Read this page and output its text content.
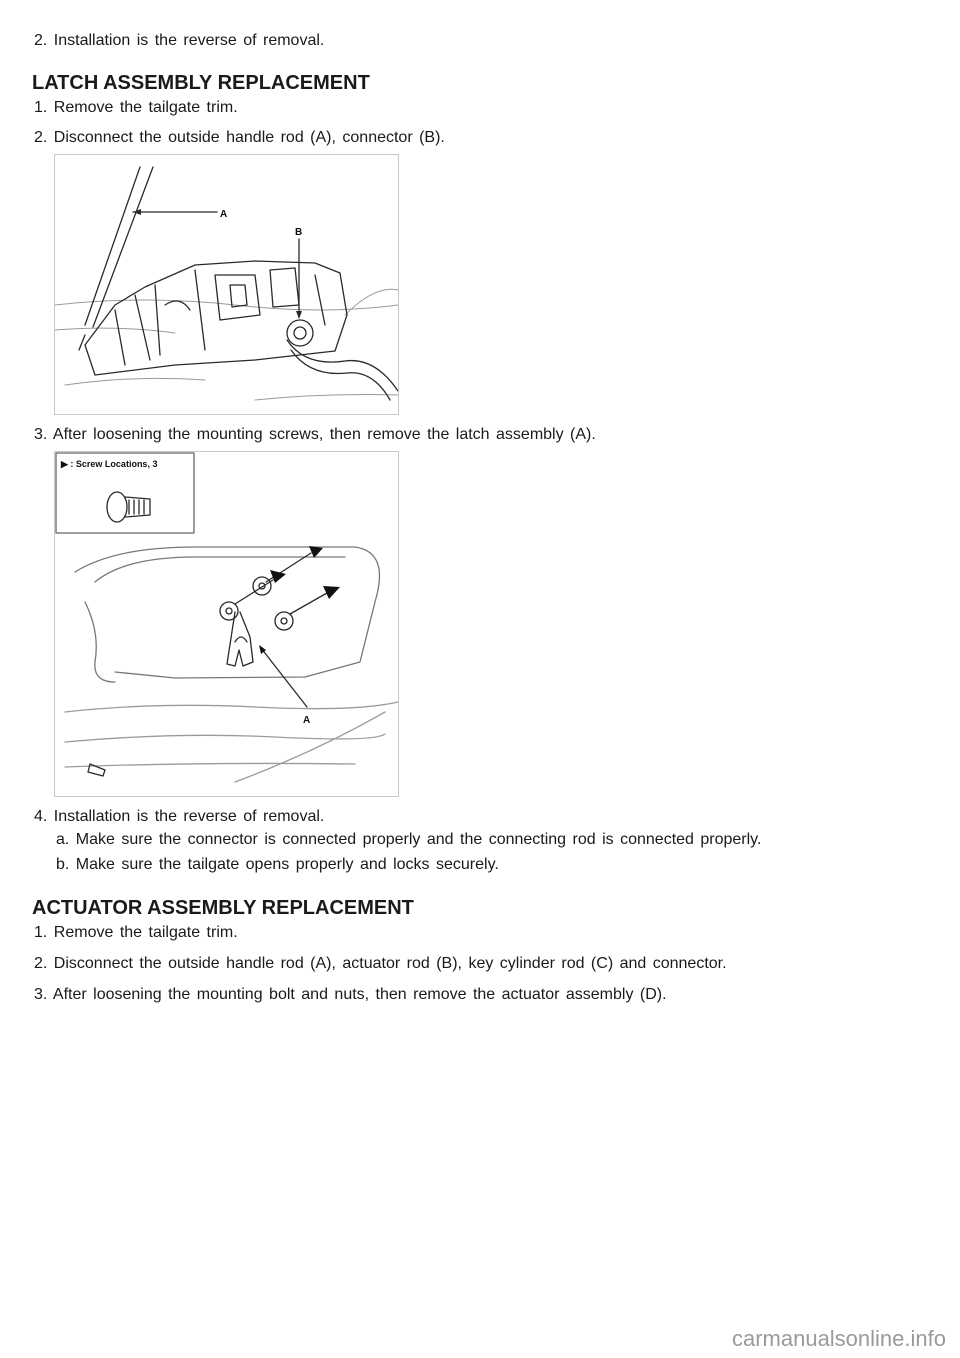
2. Installation is the reverse of removal.
LATCH ASSEMBLY REPLACEMENT
1. Remove the tailgate trim.
2. Disconnect the outside handle rod (A), connector (B).
A
B
3. After loosening the mounting screws, then remove the latch assembly (A).
▶ : Screw Locations, 3
A
4. Installation is the reverse of removal.
a. Make sure the connector is connected properly and the connecting rod is connected properly.
b. Make sure the tailgate opens properly and locks securely.
ACTUATOR ASSEMBLY REPLACEMENT
1. Remove the tailgate trim.
2. Disconnect the outside handle rod (A), actuator rod (B), key cylinder rod (C) and connector.
3. After loosening the mounting bolt and nuts, then remove the actuator assembly (D).
carmanualsonline.info
